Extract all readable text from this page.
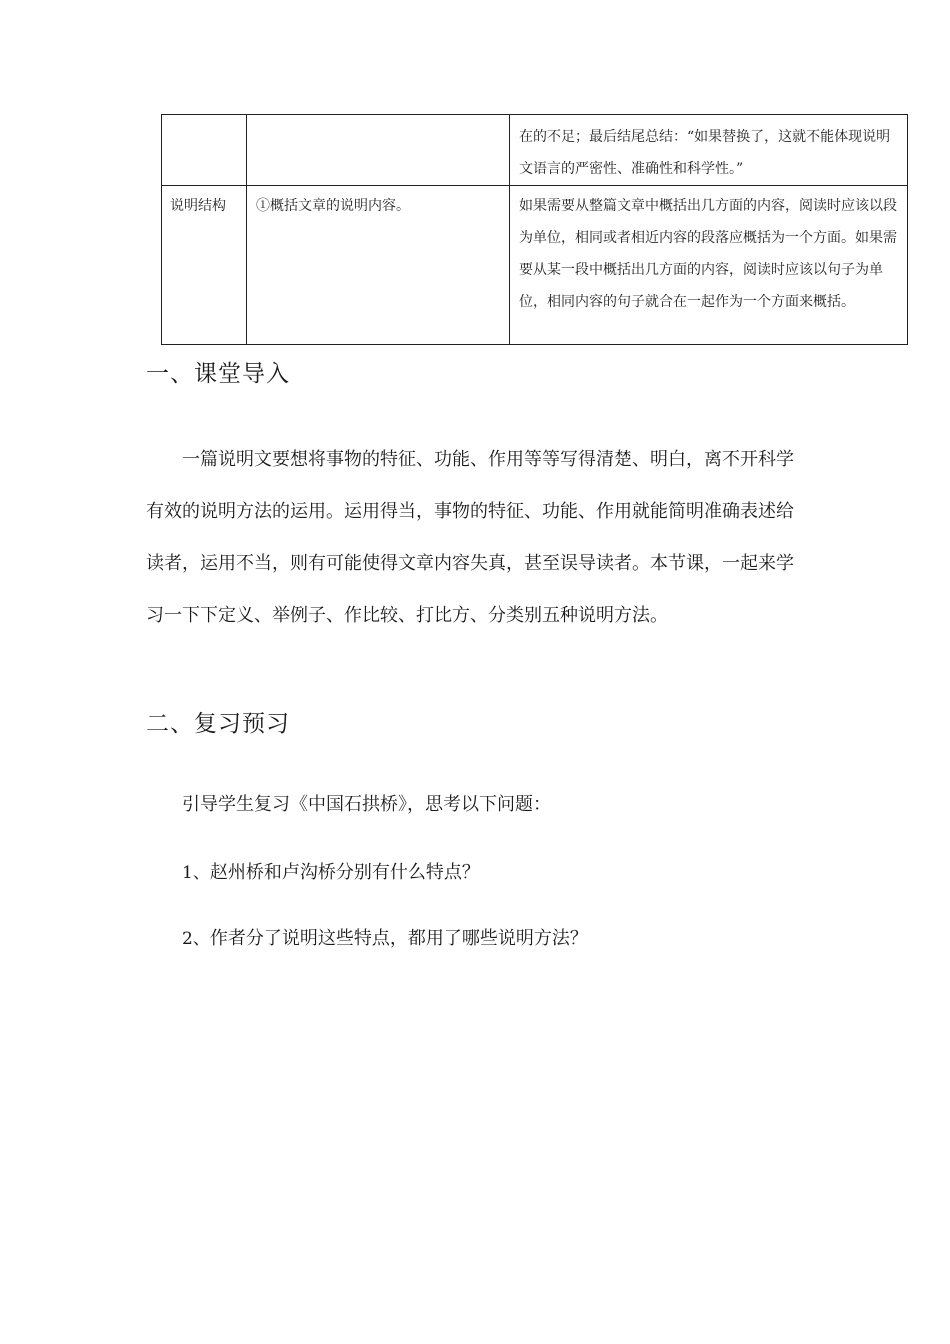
		在的不足；最后结尾总结：“如果替换了，这就不能体现说明文语言的严密性、准确性和科学性。”
说明结构	①概括文章的说明内容。	如果需要从整篇文章中概括出几方面的内容，阅读时应该以段为单位，相同或者相近内容的段落应概括为一个方面。如果需要从某一段中概括出几方面的内容，阅读时应该以句子为单位，相同内容的句子就合在一起作为一个方面来概括。
一、课堂导入

一篇说明文要想将事物的特征、功能、作用等等写得清楚、明白，离不开科学有效的说明方法的运用。运用得当，事物的特征、功能、作用就能简明准确表述给读者，运用不当，则有可能使得文章内容失真，甚至误导读者。本节课，一起来学习一下下定义、举例子、作比较、打比方、分类别五种说明方法。

二、复习预习

引导学生复习《中国石拱桥》，思考以下问题：

1、赵州桥和卢沟桥分别有什么特点？

2、作者分了说明这些特点，都用了哪些说明方法？
